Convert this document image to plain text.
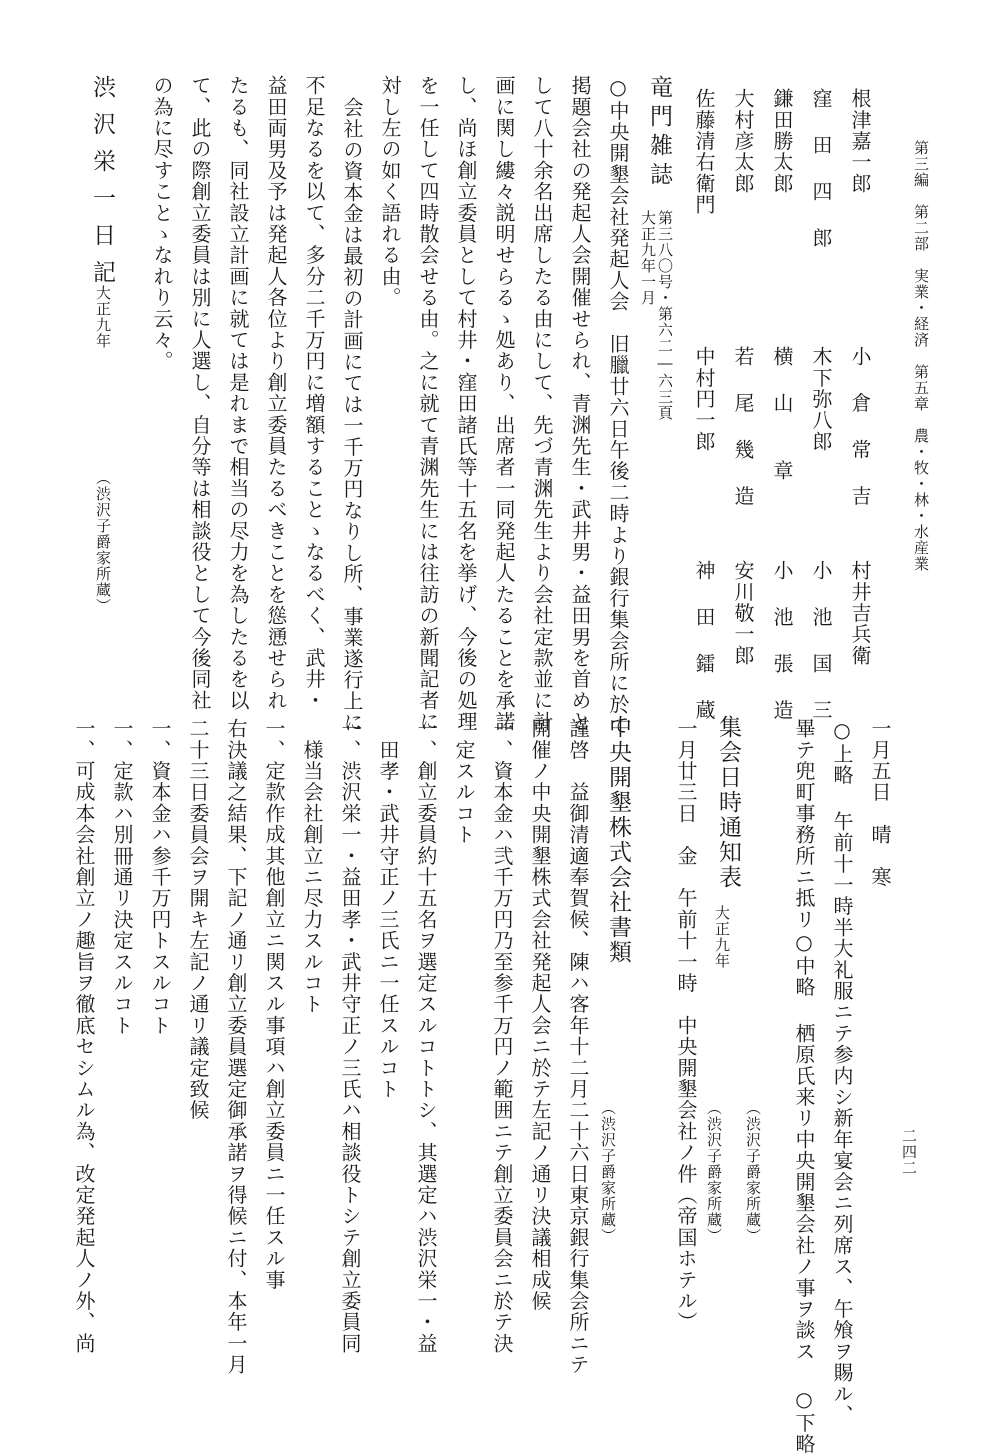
第三編　第二部　実業・経済　第五章　農・牧・林・水産業
二四二
根津嘉一郎
小 倉 常 吉
村井吉兵衛
窪 田 四 郎
木下弥八郎
小 池 国 三
鎌田勝太郎
横 山 　章
小 池 張 造
大村彦太郎
若 尾 幾 造
安川敬一郎
佐藤清右衛門
中村円一郎
神 田 鐳 蔵
竜門雑誌
第三八〇号・第六二―六三頁
大正九年一月
○中央開墾会社発起人会　旧臘廿六日午後二時より銀行集会所に於て
掲題会社の発起人会開催せられ、青渊先生・武井男・益田男を首めと
して八十余名出席したる由にして、先づ青渊先生より会社定款並に計
画に関し縷々説明せらるゝ処あり、出席者一同発起人たることを承諾
し、尚ほ創立委員として村井・窪田諸氏等十五名を挙げ、今後の処理
を一任して四時散会せる由。之に就て青渊先生には往訪の新聞記者に
対し左の如く語れる由。
会社の資本金は最初の計画にては一千万円なりし所、事業遂行上に
不足なるを以て、多分二千万円に増額することゝなるべく、武井・
益田両男及予は発起人各位より創立委員たるべきことを慫慂せられ
たるも、同社設立計画に就ては是れまで相当の尽力を為したるを以
て、此の際創立委員は別に人選し、自分等は相談役として今後同社
の為に尽すことゝなれり云々。
渋沢栄一日記
大正九年
（渋沢子爵家所蔵）
一月五日　晴　寒
○上略 午前十一時半大礼服ニテ参内シ新年宴会ニ列席ス、午飧ヲ賜ル、
畢テ兜町事務所ニ抵リ○中略 栖原氏来リ中央開墾会社ノ事ヲ談ス ○下略
（渋沢子爵家所蔵）
集会日時通知表
大正九年
一月廿三日　金　午前十一時　中央開墾会社ノ件（帝国ホテル） （渋沢子爵家所蔵）
中央開墾株式会社書類
（渋沢子爵家所蔵）
謹啓　益御清適奉賀候、陳ハ客年十二月二十六日東京銀行集会所ニテ
開催ノ中央開墾株式会社発起人会ニ於テ左記ノ通リ決議相成候
一、資本金ハ弐千万円乃至参千万円ノ範囲ニテ創立委員会ニ於テ決
　定スルコト
一、創立委員約十五名ヲ選定スルコトトシ、其選定ハ渋沢栄一・益
　田孝・武井守正ノ三氏ニ一任スルコト
一、渋沢栄一・益田孝・武井守正ノ三氏ハ相談役トシテ創立委員同
　様当会社創立ニ尽力スルコト
一、定款作成其他創立ニ関スル事項ハ創立委員ニ一任スル事
右決議之結果、下記ノ通リ創立委員選定御承諾ヲ得候ニ付、本年一月
二十三日委員会ヲ開キ左記ノ通リ議定致候
一、資本金ハ参千万円トスルコト
一、定款ハ別冊通リ決定スルコト
一、可成本会社創立ノ趣旨ヲ徹底セシムル為、改定発起人ノ外、尚
